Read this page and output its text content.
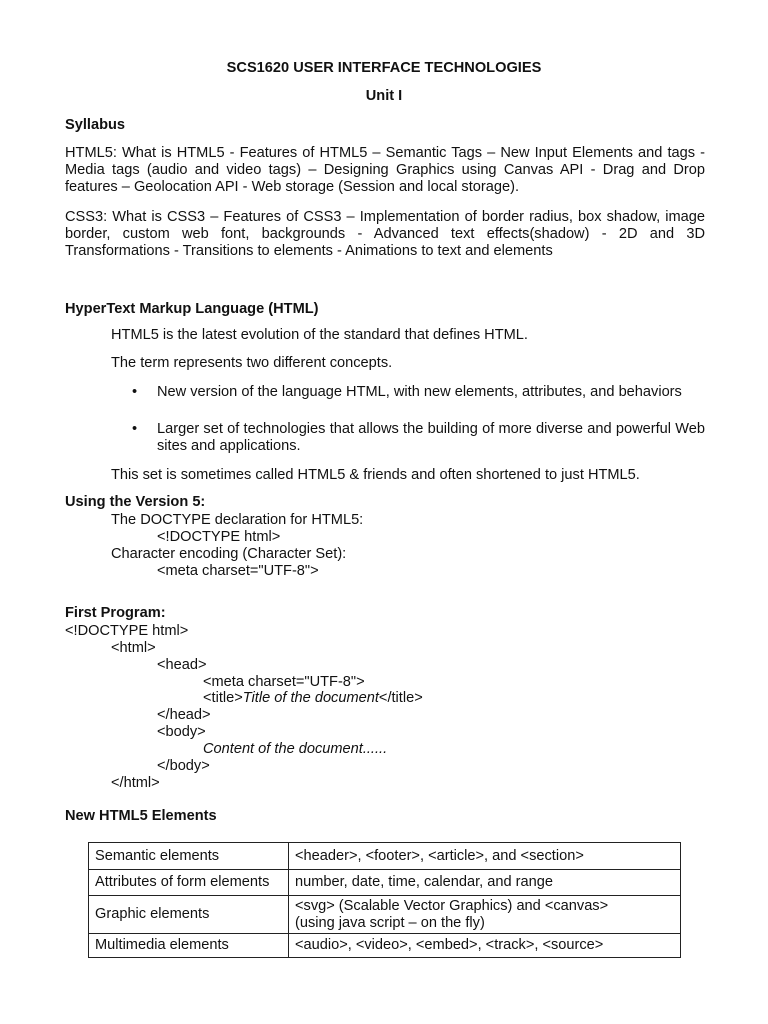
SCS1620 USER INTERFACE TECHNOLOGIES
Unit I
Syllabus
HTML5: What is HTML5 - Features of HTML5 – Semantic Tags – New Input Elements and tags - Media tags (audio and video tags) – Designing Graphics using Canvas API - Drag and Drop features – Geolocation API - Web storage (Session and local storage).
CSS3: What is CSS3 – Features of CSS3 – Implementation of border radius, box shadow, image border, custom web font, backgrounds - Advanced text effects(shadow) - 2D and 3D Transformations - Transitions to elements - Animations to text and elements
HyperText Markup Language (HTML)
HTML5 is the latest evolution of the standard that defines HTML.
The term represents two different concepts.
• New version of the language HTML, with new elements, attributes, and behaviors
• Larger set of technologies that allows the building of more diverse and powerful Web sites and applications.
This set is sometimes called HTML5 & friends and often shortened to just HTML5.
Using the Version 5:
The DOCTYPE declaration for HTML5:
<!DOCTYPE html>
Character encoding (Character Set):
<meta charset="UTF-8">
First Program:
<!DOCTYPE html>
<html>
<head>
<meta charset="UTF-8">
<title>Title of the document</title>
</head>
<body>
Content of the document......
</body>
</html>
New HTML5 Elements
Semantic elements	<header>, <footer>, <article>, and <section>
Attributes of form elements	number, date, time, calendar, and range
Graphic elements	<svg> (Scalable Vector Graphics) and <canvas>
(using java script – on the fly)

Multimedia elements	<audio>, <video>, <embed>, <track>, <source>
